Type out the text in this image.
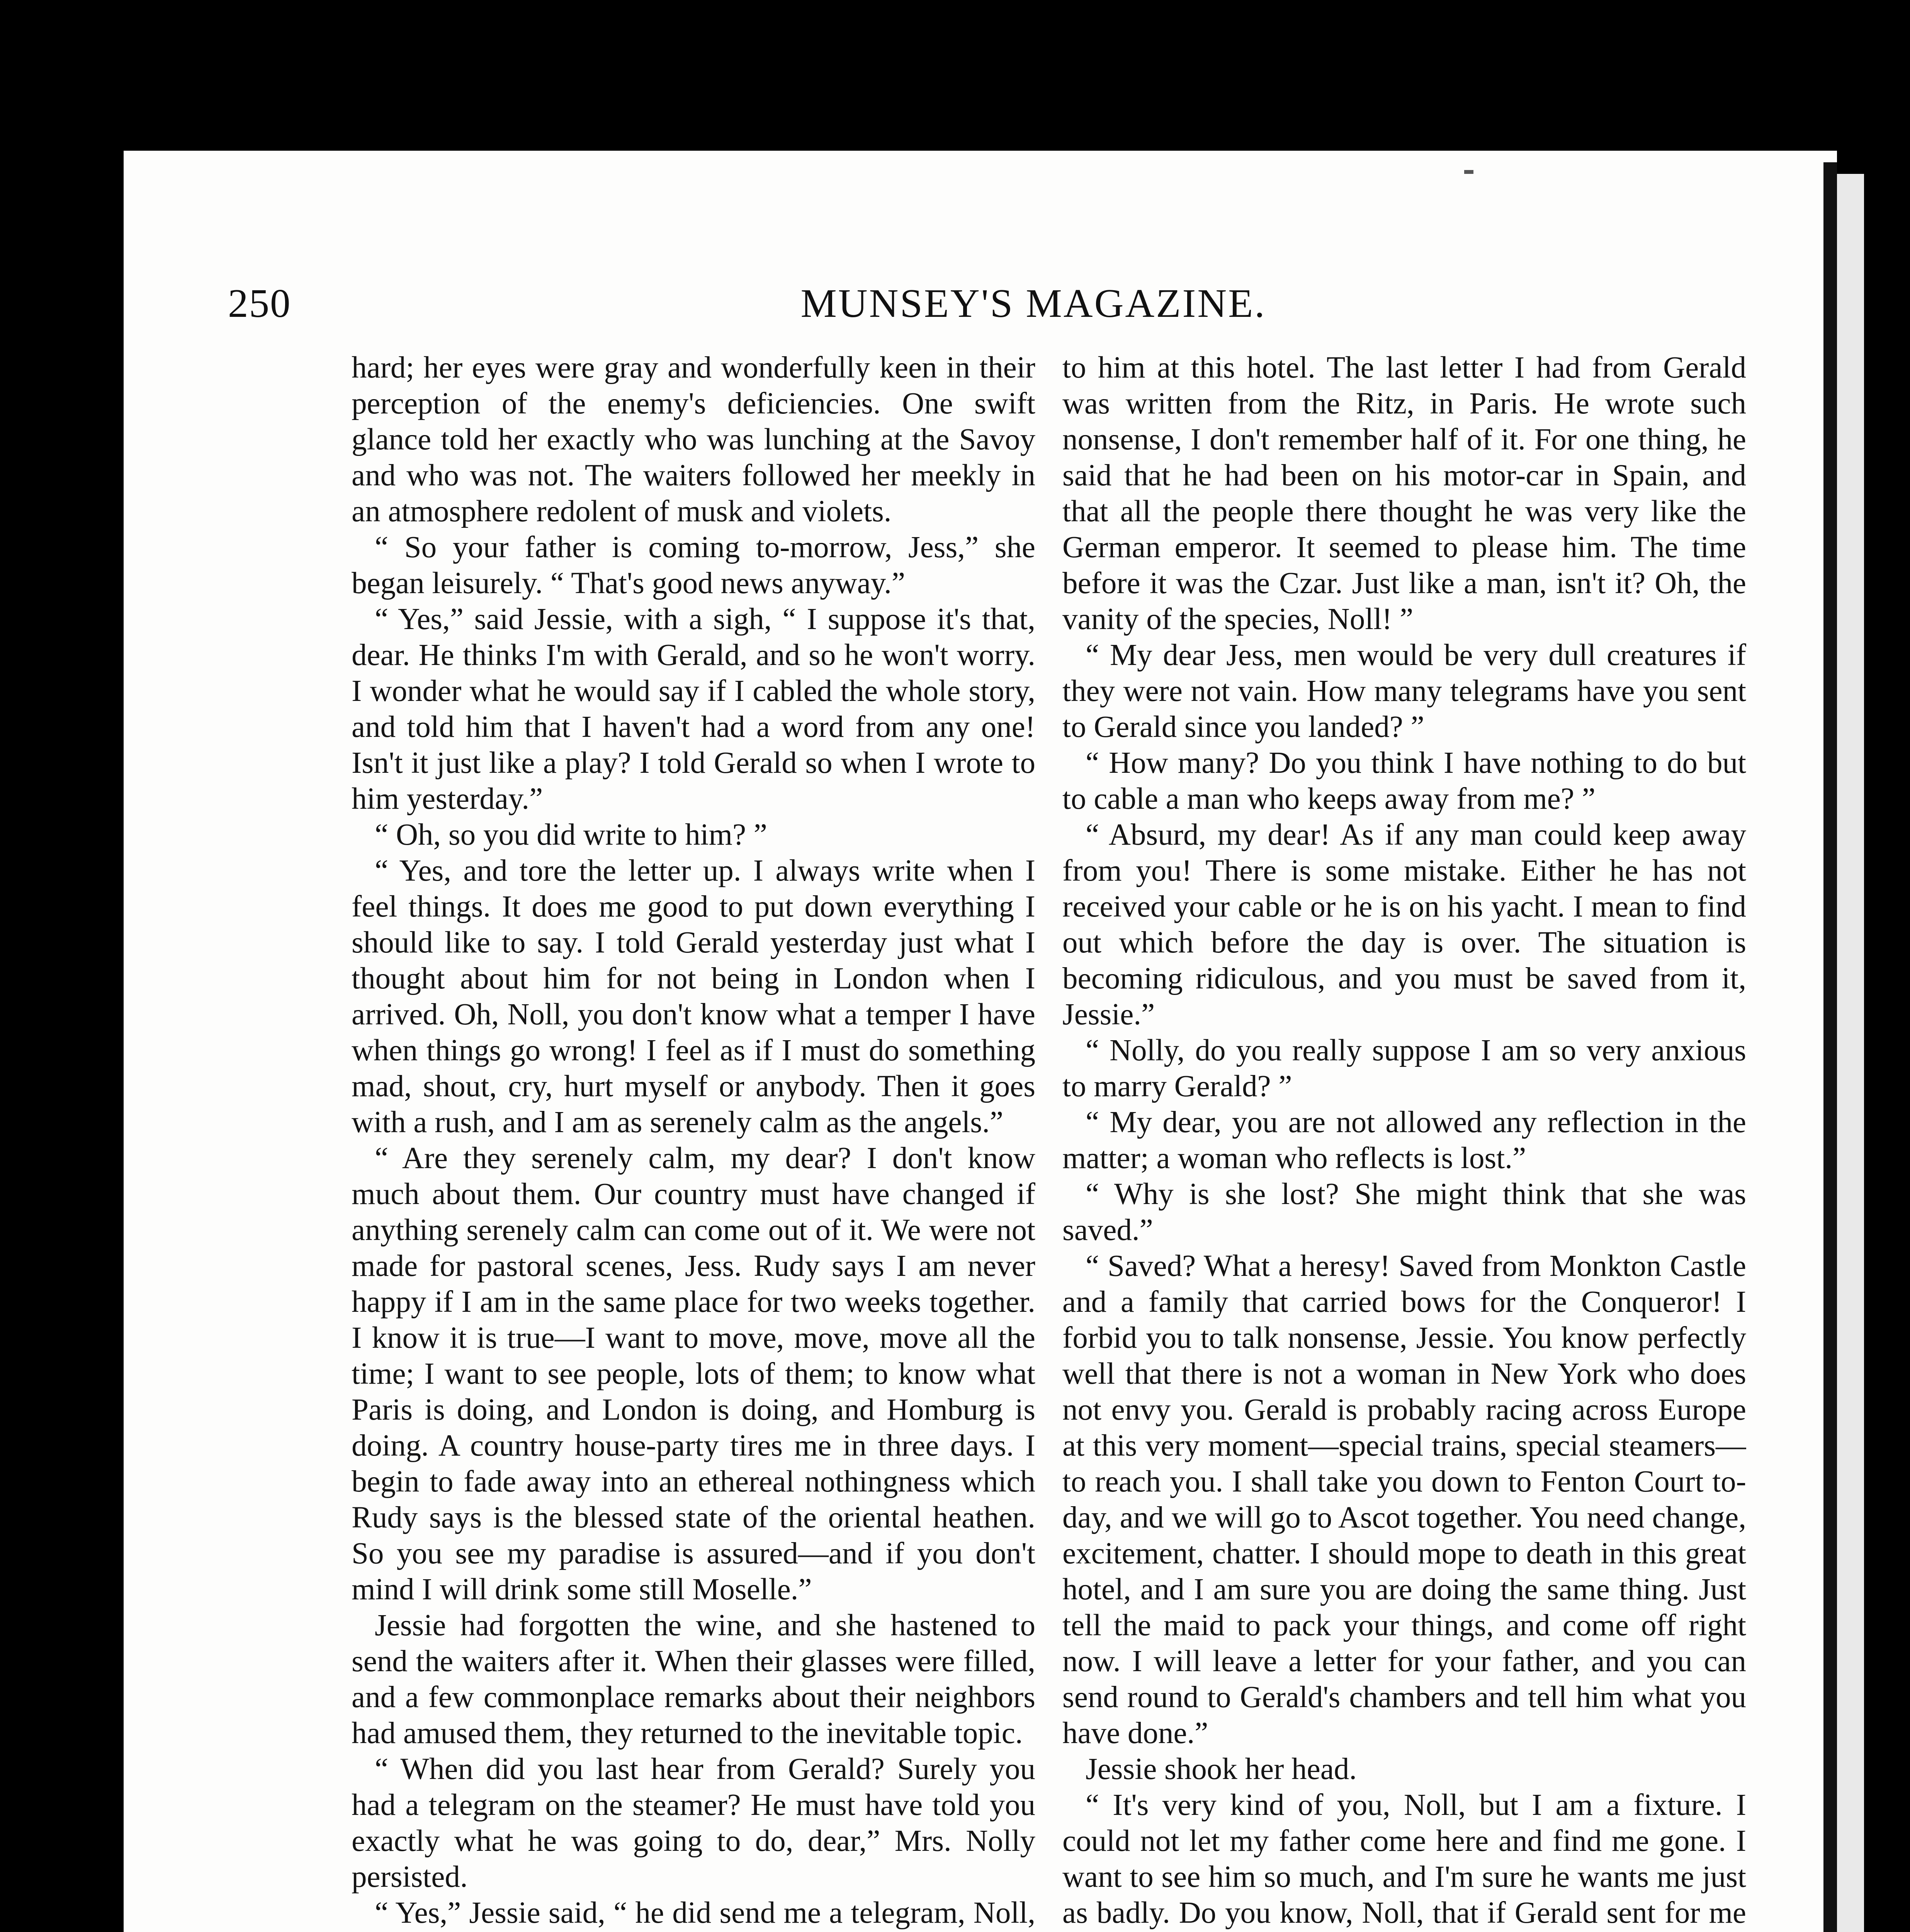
250	MUNSEY'S MAGAZINE.

hard; her eyes were gray and wonderfully keen in their perception of the enemy's deficiencies. One swift glance told her exactly who was lunching at the Savoy and who was not. The waiters followed her meekly in an atmosphere redolent of musk and violets.

“ So your father is coming to-morrow, Jess,” she began leisurely. “ That's good news anyway.”

“ Yes,” said Jessie, with a sigh, “ I suppose it's that, dear. He thinks I'm with Gerald, and so he won't worry. I wonder what he would say if I cabled the whole story, and told him that I haven't had a word from any one! Isn't it just like a play? I told Gerald so when I wrote to him yesterday.”

“ Oh, so you did write to him? ”

“ Yes, and tore the letter up. I always write when I feel things. It does me good to put down everything I should like to say. I told Gerald yesterday just what I thought about him for not being in London when I arrived. Oh, Noll, you don't know what a temper I have when things go wrong! I feel as if I must do something mad, shout, cry, hurt myself or anybody. Then it goes with a rush, and I am as serenely calm as the angels.”

“ Are they serenely calm, my dear? I don't know much about them. Our country must have changed if anything serenely calm can come out of it. We were not made for pastoral scenes, Jess. Rudy says I am never happy if I am in the same place for two weeks together. I know it is true—I want to move, move, move all the time; I want to see people, lots of them; to know what Paris is doing, and London is doing, and Homburg is doing. A country house-party tires me in three days. I begin to fade away into an ethereal nothingness which Rudy says is the blessed state of the oriental heathen. So you see my paradise is assured—and if you don't mind I will drink some still Moselle.”

Jessie had forgotten the wine, and she hastened to send the waiters after it. When their glasses were filled, and a few commonplace remarks about their neighbors had amused them, they returned to the inevitable topic.

“ When did you last hear from Gerald? Surely you had a telegram on the steamer? He must have told you exactly what he was going to do, dear,” Mrs. Nolly persisted.

“ Yes,” Jessie said, “ he did send me a telegram, Noll,

to him at this hotel. The last letter I had from Gerald was written from the Ritz, in Paris. He wrote such nonsense, I don't remember half of it. For one thing, he said that he had been on his motor-car in Spain, and that all the people there thought he was very like the German emperor. It seemed to please him. The time before it was the Czar. Just like a man, isn't it? Oh, the vanity of the species, Noll! ”

“ My dear Jess, men would be very dull creatures if they were not vain. How many telegrams have you sent to Gerald since you landed? ”

“ How many? Do you think I have nothing to do but to cable a man who keeps away from me? ”

“ Absurd, my dear! As if any man could keep away from you! There is some mistake. Either he has not received your cable or he is on his yacht. I mean to find out which before the day is over. The situation is becoming ridiculous, and you must be saved from it, Jessie.”

“ Nolly, do you really suppose I am so very anxious to marry Gerald? ”

“ My dear, you are not allowed any reflection in the matter; a woman who reflects is lost.”

“ Why is she lost? She might think that she was saved.”

“ Saved? What a heresy! Saved from Monkton Castle and a family that carried bows for the Conqueror! I forbid you to talk nonsense, Jessie. You know perfectly well that there is not a woman in New York who does not envy you. Gerald is probably racing across Europe at this very moment—special trains, special steamers—to reach you. I shall take you down to Fenton Court to-day, and we will go to Ascot together. You need change, excitement, chatter. I should mope to death in this great hotel, and I am sure you are doing the same thing. Just tell the maid to pack your things, and come off right now. I will leave a letter for your father, and you can send round to Gerald's chambers and tell him what you have done.”

Jessie shook her head.

“ It's very kind of you, Noll, but I am a fixture. I could not let my father come here and find me gone. I want to see him so much, and I'm sure he wants me just as badly. Do you know, Noll, that if Gerald sent for me
